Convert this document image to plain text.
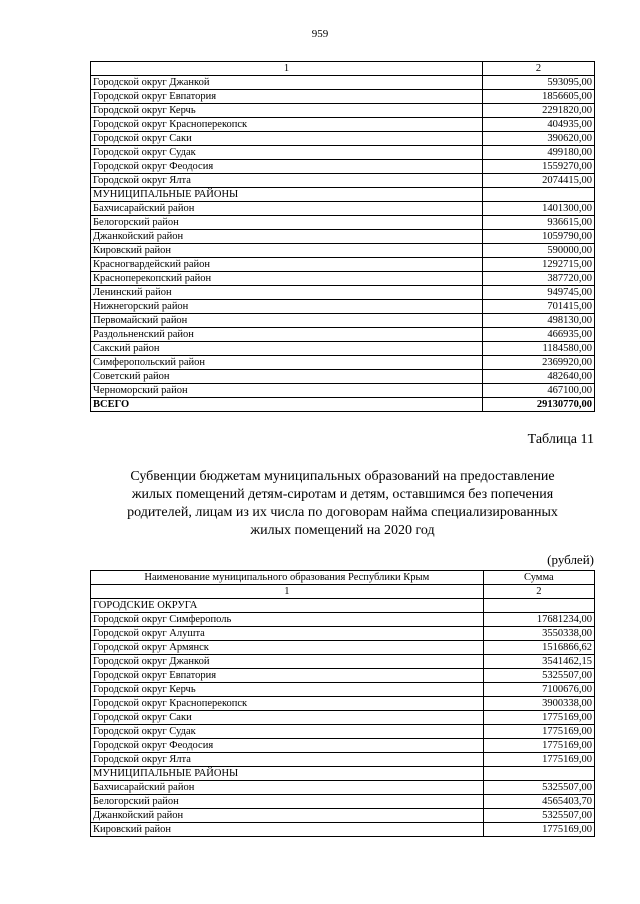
959
1	2
Городской округ Джанкой	593095,00
Городской округ Евпатория	1856605,00
Городской округ Керчь	2291820,00
Городской округ Красноперекопск	404935,00
Городской округ Саки	390620,00
Городской округ Судак	499180,00
Городской округ Феодосия	1559270,00
Городской округ Ялта	2074415,00
МУНИЦИПАЛЬНЫЕ РАЙОНЫ	
Бахчисарайский район	1401300,00
Белогорский район	936615,00
Джанкойский район	1059790,00
Кировский район	590000,00
Красногвардейский район	1292715,00
Красноперекопский район	387720,00
Ленинский район	949745,00
Нижнегорский район	701415,00
Первомайский район	498130,00
Раздольненский район	466935,00
Сакский район	1184580,00
Симферопольский район	2369920,00
Советский район	482640,00
Черноморский район	467100,00
ВСЕГО	29130770,00
Таблица 11
Субвенции бюджетам муниципальных образований на предоставление
жилых помещений детям-сиротам и детям, оставшимся без попечения
родителей, лицам из их числа по договорам найма специализированных
жилых помещений на 2020 год
(рублей)
Наименование муниципального образования Республики Крым	Сумма
1	2
ГОРОДСКИЕ ОКРУГА	
Городской округ Симферополь	17681234,00
Городской округ Алушта	3550338,00
Городской округ Армянск	1516866,62
Городской округ Джанкой	3541462,15
Городской округ Евпатория	5325507,00
Городской округ Керчь	7100676,00
Городской округ Красноперекопск	3900338,00
Городской округ Саки	1775169,00
Городской округ Судак	1775169,00
Городской округ Феодосия	1775169,00
Городской округ Ялта	1775169,00
МУНИЦИПАЛЬНЫЕ РАЙОНЫ	
Бахчисарайский район	5325507,00
Белогорский район	4565403,70
Джанкойский район	5325507,00
Кировский район	1775169,00
